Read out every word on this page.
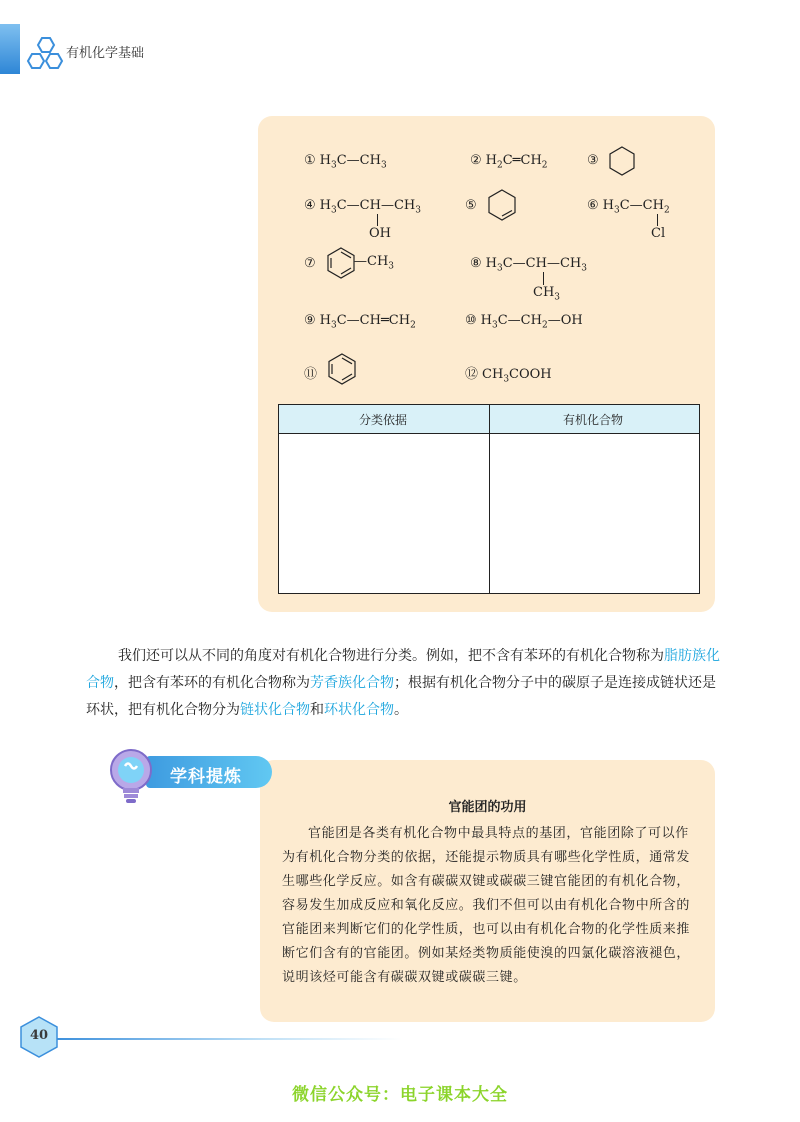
有机化学基础
① $H_3C—CH_3$	② $H_2C═CH_2$	③
④ $H_3C—CH—CH_3$
OH
⑤	⑥ $H_3C—CH_2$
Cl
⑦	$—CH_3$	⑧ $H_3C—CH—CH_3$
$CH_3$
⑨ $H_3C—CH═CH_2$	⑩ $H_3C—CH_2—OH$
⑪	⑫ $CH_3COOH$
分类依据	有机化合物

我们还可以从不同的角度对有机化合物进行分类。例如，把不含有苯环的有机化合物称为脂肪族化合物，把含有苯环的有机化合物称为芳香族化合物；根据有机化合物分子中的碳原子是连接成链状还是环状，把有机化合物分为链状化合物和环状化合物。

学科提炼
官能团的功用

官能团是各类有机化合物中最具特点的基团，官能团除了可以作为有机化合物分类的依据，还能提示物质具有哪些化学性质，通常发生哪些化学反应。如含有碳碳双键或碳碳三键官能团的有机化合物，容易发生加成反应和氧化反应。我们不但可以由有机化合物中所含的官能团来判断它们的化学性质，也可以由有机化合物的化学性质来推断它们含有的官能团。例如某烃类物质能使溴的四氯化碳溶液褪色，说明该烃可能含有碳碳双键或碳碳三键。

40
微信公众号：电子课本大全
